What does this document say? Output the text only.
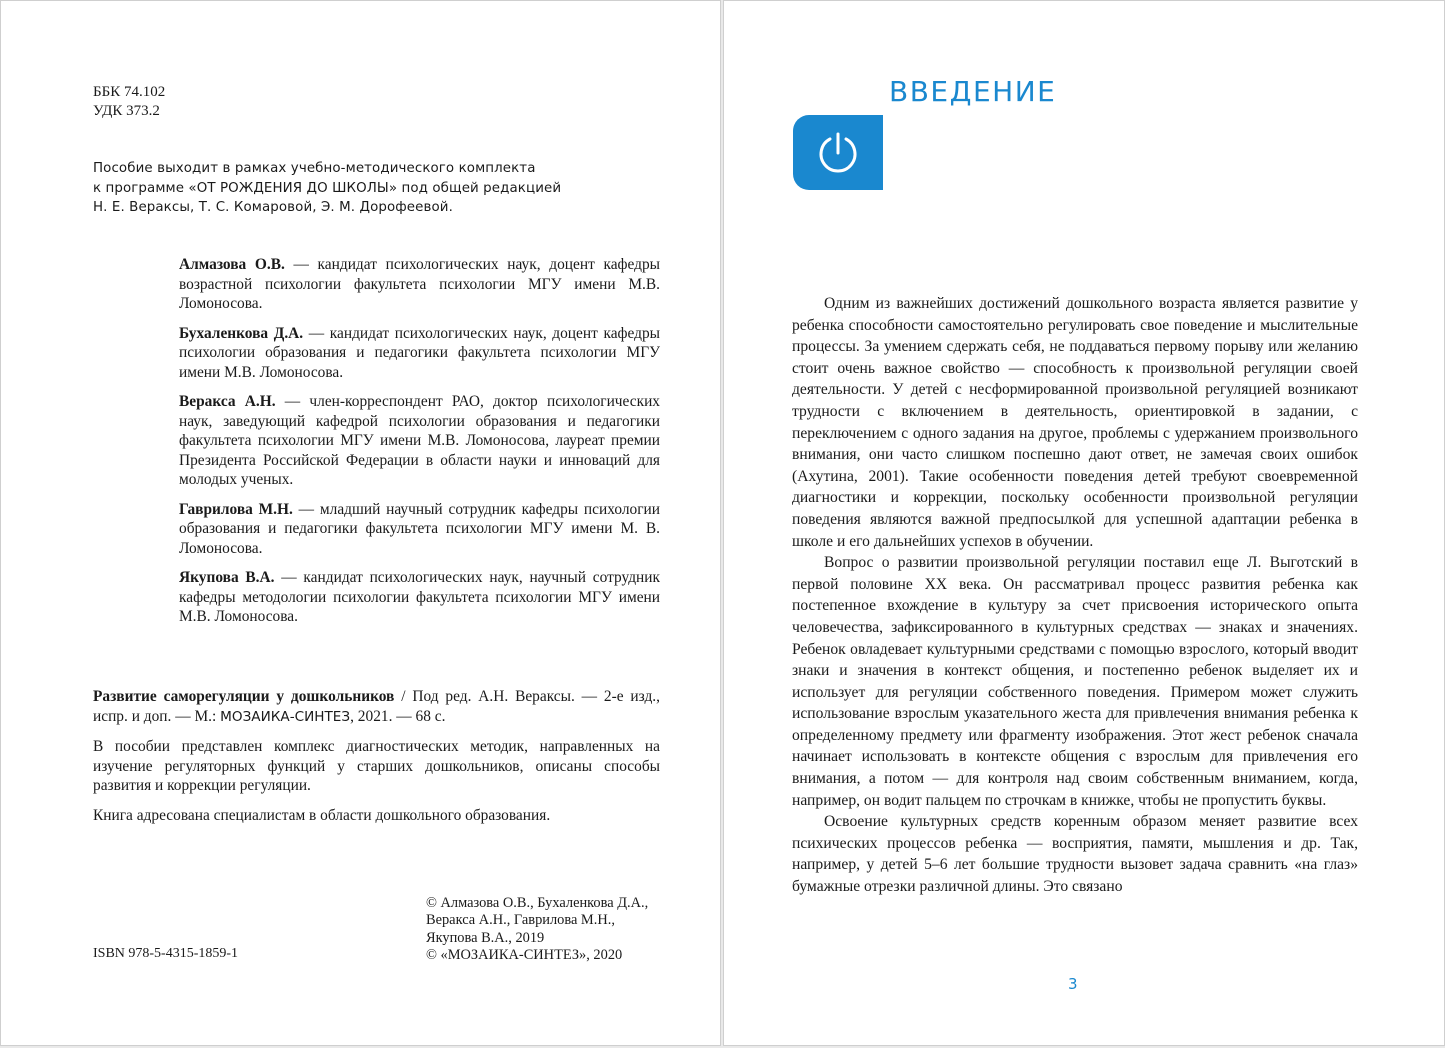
ББК 74.102
УДК 373.2
Пособие выходит в рамках учебно-методического комплекта
к программе «ОТ РОЖДЕНИЯ ДО ШКОЛЫ» под общей редакцией
Н. Е. Вераксы, Т. С. Комаровой, Э. М. Дорофеевой.

Алмазова О.В. — кандидат психологических наук, доцент кафедры возрастной психологии факультета психологии МГУ имени М.В. Ломоносова.

Бухаленкова Д.А. — кандидат психологических наук, доцент кафедры психологии образования и педагогики факультета психологии МГУ имени М.В. Ломоносова.

Веракса А.Н. — член-корреспондент РАО, доктор психологических наук, заведующий кафедрой психологии образования и педагогики факультета психологии МГУ имени М.В. Ломоносова, лауреат премии Президента Российской Федерации в области науки и инноваций для молодых ученых.

Гаврилова М.Н. — младший научный сотрудник кафедры психологии образования и педагогики факультета психологии МГУ имени М. В. Ломоносова.

Якупова В.А. — кандидат психологических наук, научный сотрудник кафедры методологии психологии факультета психологии МГУ имени М.В. Ломоносова.

Развитие саморегуляции у дошкольников / Под ред. А.Н. Вераксы. — 2-е изд., испр. и доп. — М.: МОЗАИКА-СИНТЕЗ, 2021. — 68 с.

В пособии представлен комплекс диагностических методик, направленных на изучение регуляторных функций у старших дошкольников, описаны способы развития и коррекции регуляции.

Книга адресована специалистам в области дошкольного образования.

ISBN 978-5-4315-1859-1
© Алмазова О.В., Бухаленкова Д.А.,
Веракса А.Н., Гаврилова М.Н.,
Якупова В.А., 2019
© «МОЗАИКА-СИНТЕЗ», 2020
ВВЕДЕНИЕ

Одним из важнейших достижений дошкольного возраста является развитие у ребенка способности самостоятельно регулировать свое поведение и мыслительные процессы. За умением сдержать себя, не поддаваться первому порыву или желанию стоит очень важное свойство — способность к произвольной регуляции своей деятельности. У детей с несформированной произвольной регуляцией возникают трудности с включением в деятельность, ориентировкой в задании, с переключением с одного задания на другое, проблемы с удержанием произвольного внимания, они часто слишком поспешно дают ответ, не замечая своих ошибок (Ахутина, 2001). Такие особенности поведения детей требуют своевременной диагностики и коррекции, поскольку особенности произвольной регуляции поведения являются важной предпосылкой для успешной адаптации ребенка в школе и его дальнейших успехов в обучении.

Вопрос о развитии произвольной регуляции поставил еще Л. Выготский в первой половине XX века. Он рассматривал процесс развития ребенка как постепенное вхождение в культуру за счет присвоения исторического опыта человечества, зафиксированного в культурных средствах — знаках и значениях. Ребенок овладевает культурными средствами с помощью взрослого, который вводит знаки и значения в контекст общения, и постепенно ребенок выделяет их и использует для регуляции собственного поведения. Примером может служить использование взрослым указательного жеста для привлечения внимания ребенка к определенному предмету или фрагменту изображения. Этот жест ребенок сначала начинает использовать в контексте общения с взрослым для привлечения его внимания, а потом — для контроля над своим собственным вниманием, когда, например, он водит пальцем по строчкам в книжке, чтобы не пропустить буквы.

Освоение культурных средств коренным образом меняет развитие всех психических процессов ребенка — восприятия, памяти, мышления и др. Так, например, у детей 5–6 лет большие трудности вызовет задача сравнить «на глаз» бумажные отрезки различной длины. Это связано

3
